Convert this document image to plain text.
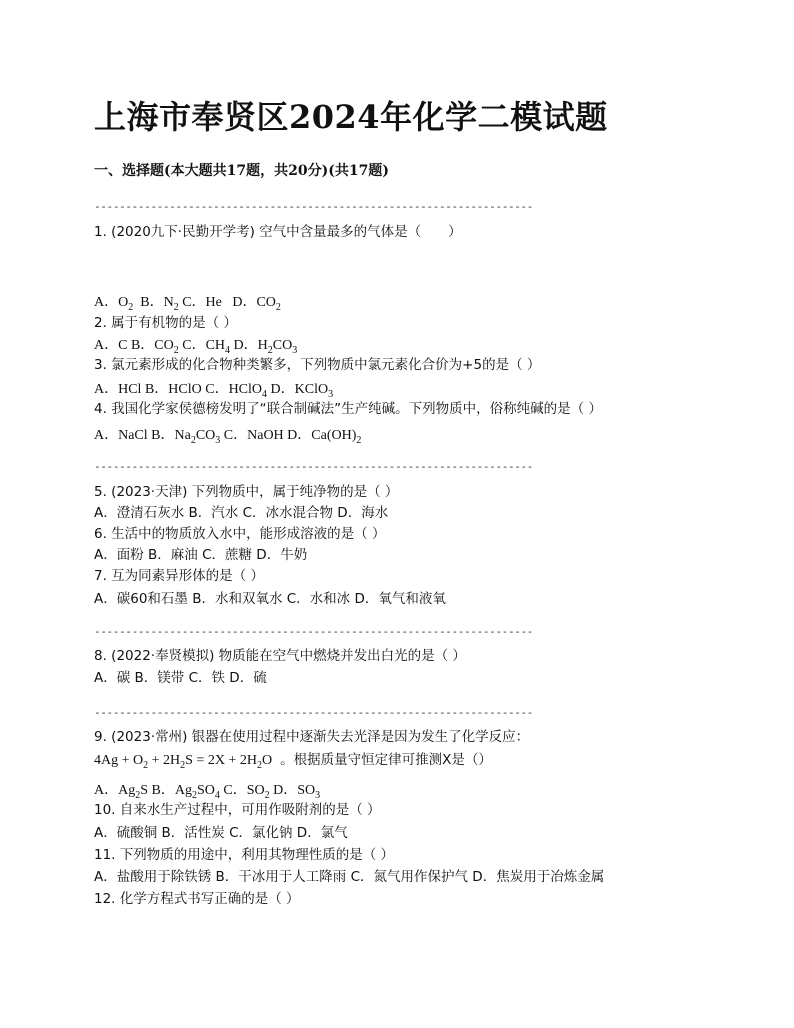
上海市奉贤区2024年化学二模试题
一、选择题(本大题共17题，共20分)(共17题)
----------------------------------------------------------------------
1. (2020九下·民勤开学考) 空气中含量最多的气体是（　　）
A．$O_2$  B．$N_2$ C．He   D．$CO_2$
2. 属于有机物的是（ ）
A．C B．$CO_2$ C．$CH_4$ D．$H_2CO_3$
3. 氯元素形成的化合物种类繁多，下列物质中氯元素化合价为+5的是（ ）
A．HCl B．HClO C．HClO$_4$ D．KClO$_3$
4. 我国化学家侯德榜发明了“联合制碱法”生产纯碱。下列物质中，俗称纯碱的是（ ）
A．NaCl B．$Na_2CO_3$ C．NaOH D．$Ca(OH)_2$
----------------------------------------------------------------------
5. (2023·天津) 下列物质中，属于纯净物的是（ ）
A．澄清石灰水 B．汽水 C．冰水混合物 D．海水
6. 生活中的物质放入水中，能形成溶液的是（ ）
A．面粉 B．麻油 C．蔗糖 D．牛奶
7. 互为同素异形体的是（ ）
A．碳60和石墨 B．水和双氧水 C．水和冰 D．氧气和液氧
----------------------------------------------------------------------
8. (2022·奉贤模拟) 物质能在空气中燃烧并发出白光的是（ ）
A．碳 B．镁带 C．铁 D．硫
----------------------------------------------------------------------
9. (2023·常州) 银器在使用过程中逐渐失去光泽是因为发生了化学反应：
$4Ag + O_2 + 2H_2S = 2X + 2H_2O$ 。根据质量守恒定律可推测X是（）
A．$Ag_2S$ B．$Ag_2SO_4$ C．$SO_2$ D．$SO_3$
10. 自来水生产过程中，可用作吸附剂的是（ ）
A．硫酸铜 B．活性炭 C．氯化钠 D．氯气
11. 下列物质的用途中，利用其物理性质的是（ ）
A．盐酸用于除铁锈 B．干冰用于人工降雨 C．氮气用作保护气 D．焦炭用于冶炼金属
12. 化学方程式书写正确的是（ ）
